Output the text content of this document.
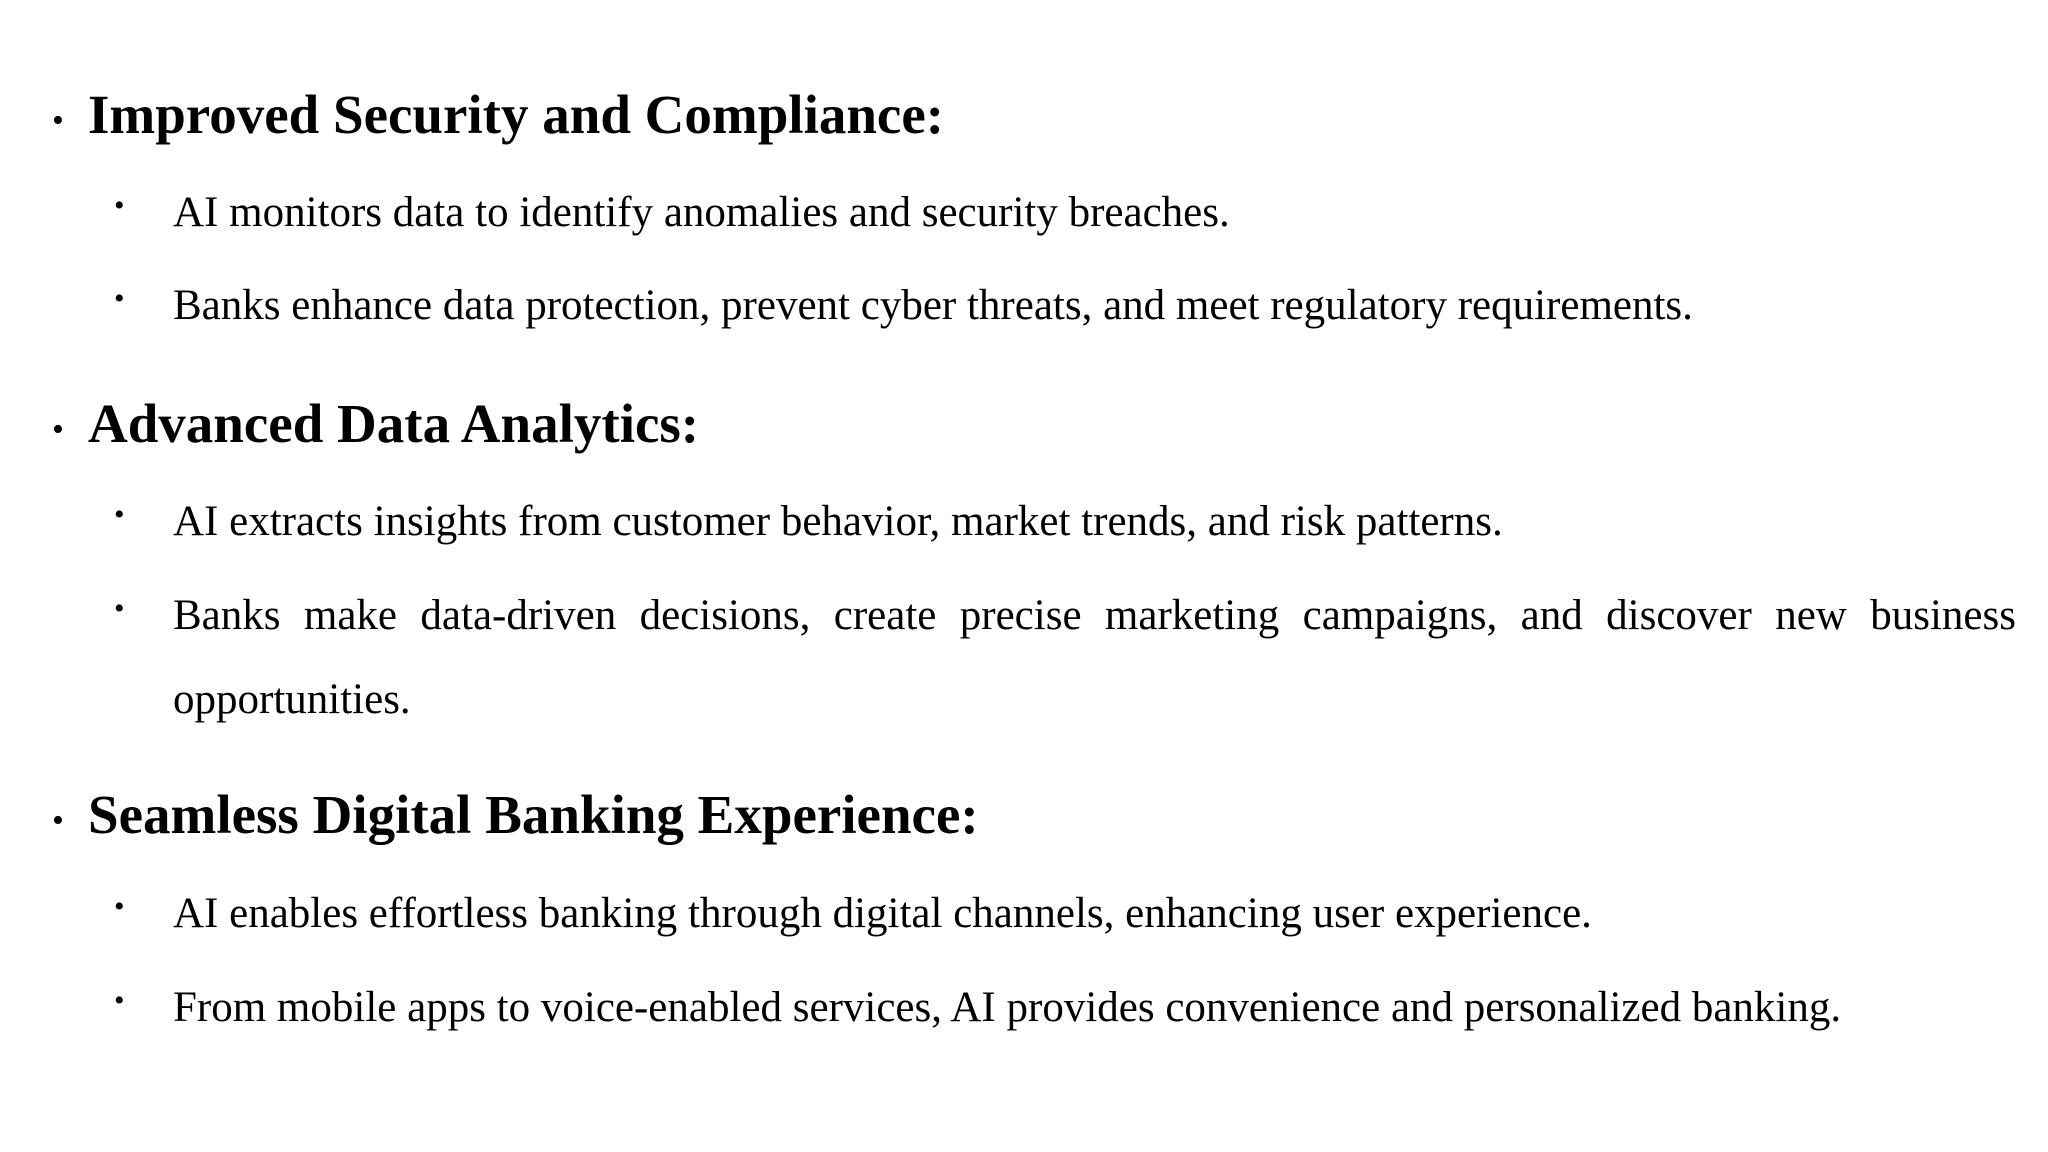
• Improved Security and Compliance:
• AI monitors data to identify anomalies and security breaches.
• Banks enhance data protection, prevent cyber threats, and meet regulatory requirements.
• Advanced Data Analytics:
• AI extracts insights from customer behavior, market trends, and risk patterns.
• Banks make data-driven decisions, create precise marketing campaigns, and discover new business opportunities.
• Seamless Digital Banking Experience:
• AI enables effortless banking through digital channels, enhancing user experience.
• From mobile apps to voice-enabled services, AI provides convenience and personalized banking.
